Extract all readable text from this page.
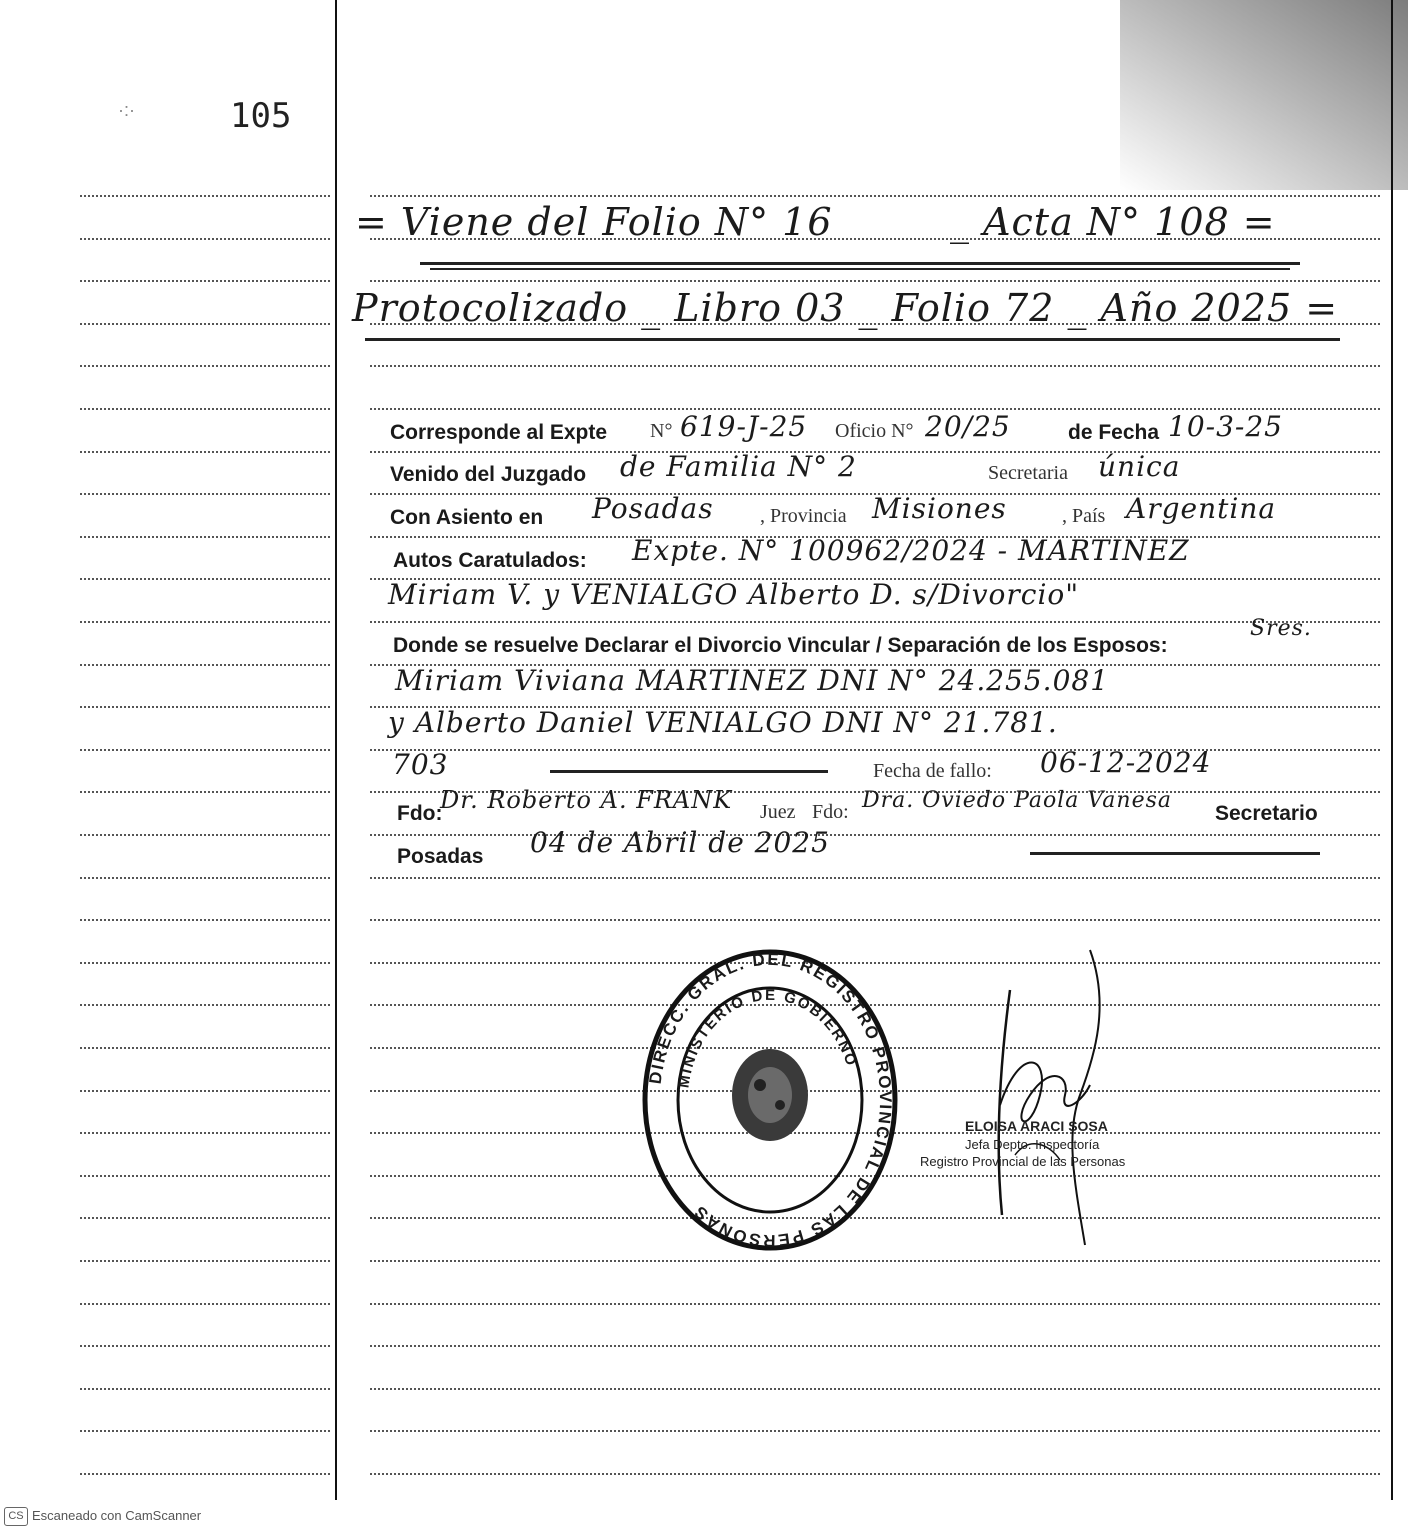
·:·	105
= Viene del Folio N° 16	_ Acta N° 108 =
Protocolizado _ Libro 03 _ Folio 72 _ Año 2025 =
Corresponde al Expte N° 619-J-25 Oficio N° 20/25	de Fecha 10-3-25
Venido del Juzgado de Familia N° 2	Secretaria única
Con Asiento en Posadas , Provincia Misiones	, País Argentina
Autos Caratulados: Expte. N° 100962/2024 - MARTINEZ
Miriam V. y VENIALGO Alberto D. s/Divorcio"
Donde se resuelve Declarar el Divorcio Vincular / Separación de los Esposos:
Sres.
Miriam Viviana MARTINEZ DNI N° 24.255.081
y Alberto Daniel VENIALGO DNI N° 21.781.
703	Fecha de fallo: 06-12-2024
Fdo:
Dr. Roberto A. FRANK Juez Fdo: Dra. Oviedo Paola Vanesa
Secretario
Posadas 04 de Abril de 2025
DIRECC. GRAL. DEL REGISTRO PROVINCIAL DE LAS PERSONAS
MINISTERIO DE GOBIERNO
ELOISA ARACI SOSA
Jefa Depto. Inspectoría
Registro Provincial de las Personas
CS Escaneado con CamScanner
